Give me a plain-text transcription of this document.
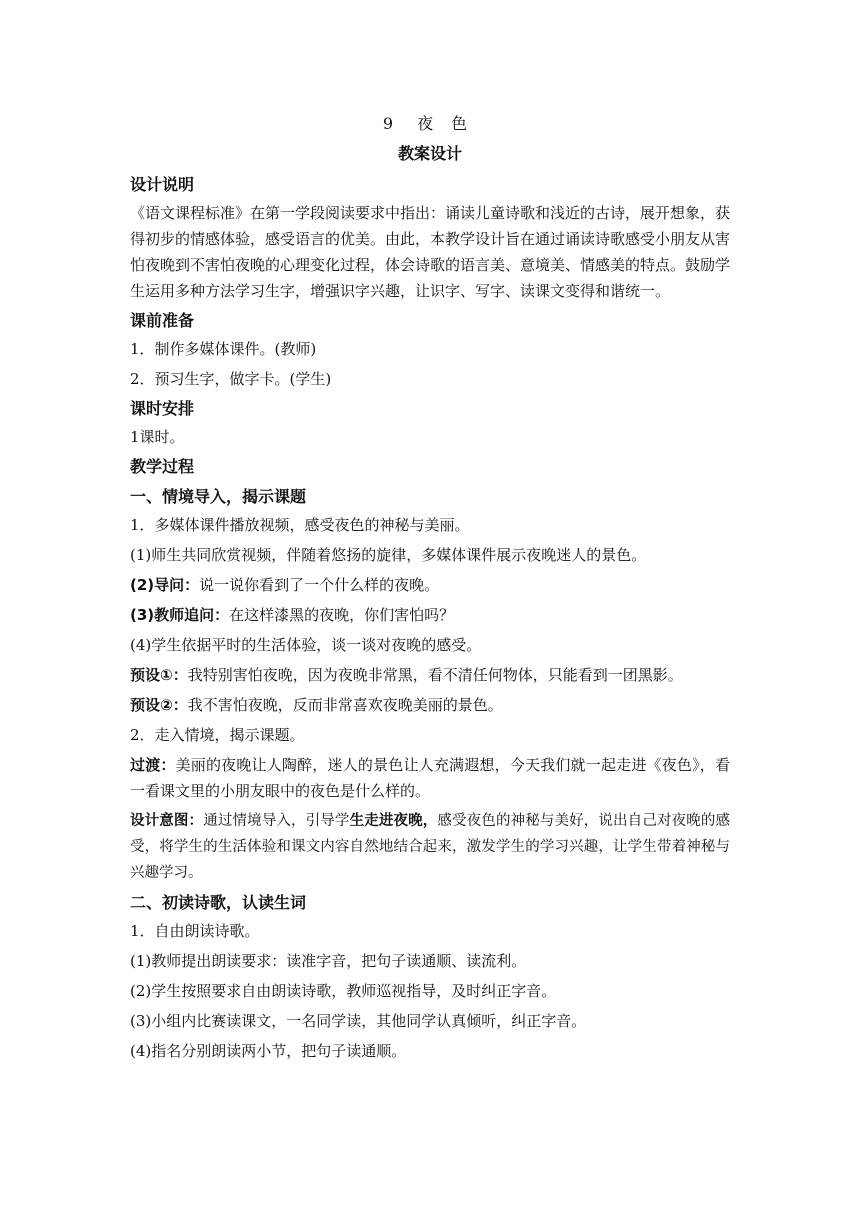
9 夜 色
教案设计
设计说明
《语文课程标准》在第一学段阅读要求中指出：诵读儿童诗歌和浅近的古诗，展开想象，获得初步的情感体验，感受语言的优美。由此，本教学设计旨在通过诵读诗歌感受小朋友从害怕夜晚到不害怕夜晚的心理变化过程，体会诗歌的语言美、意境美、情感美的特点。鼓励学生运用多种方法学习生字，增强识字兴趣，让识字、写字、读课文变得和谐统一。
课前准备
1．制作多媒体课件。(教师)
2．预习生字，做字卡。(学生)
课时安排
1课时。
教学过程
一、情境导入，揭示课题
1．多媒体课件播放视频，感受夜色的神秘与美丽。
(1)师生共同欣赏视频，伴随着悠扬的旋律，多媒体课件展示夜晚迷人的景色。
(2)导问：说一说你看到了一个什么样的夜晚。
(3)教师追问：在这样漆黑的夜晚，你们害怕吗？
(4)学生依据平时的生活体验，谈一谈对夜晚的感受。
预设①：我特别害怕夜晚，因为夜晚非常黑，看不清任何物体，只能看到一团黑影。
预设②：我不害怕夜晚，反而非常喜欢夜晚美丽的景色。
2．走入情境，揭示课题。
过渡：美丽的夜晚让人陶醉，迷人的景色让人充满遐想，今天我们就一起走进《夜色》，看一看课文里的小朋友眼中的夜色是什么样的。
设计意图：通过情境导入，引导学生走进夜晚，感受夜色的神秘与美好，说出自己对夜晚的感受，将学生的生活体验和课文内容自然地结合起来，激发学生的学习兴趣，让学生带着神秘与兴趣学习。
二、初读诗歌，认读生词
1．自由朗读诗歌。
(1)教师提出朗读要求：读准字音，把句子读通顺、读流利。
(2)学生按照要求自由朗读诗歌，教师巡视指导，及时纠正字音。
(3)小组内比赛读课文，一名同学读，其他同学认真倾听，纠正字音。
(4)指名分别朗读两小节，把句子读通顺。
